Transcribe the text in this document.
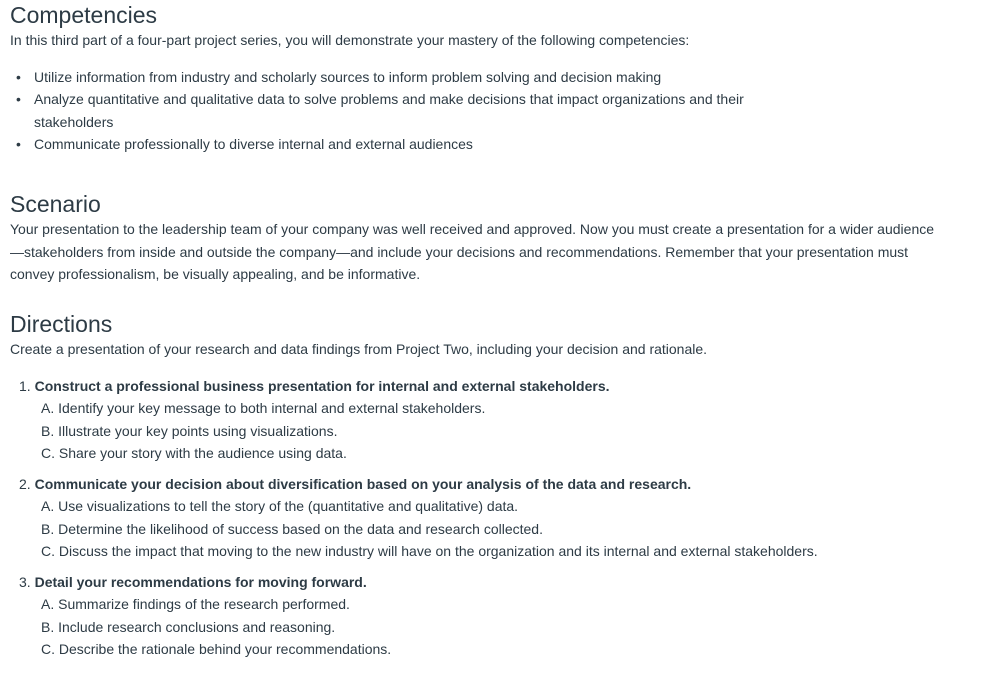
Competencies

In this third part of a four-part project series, you will demonstrate your mastery of the following competencies:

• Utilize information from industry and scholarly sources to inform problem solving and decision making
• Analyze quantitative and qualitative data to solve problems and make decisions that impact organizations and their stakeholders
• Communicate professionally to diverse internal and external audiences
Scenario

Your presentation to the leadership team of your company was well received and approved. Now you must create a presentation for a wider audience—stakeholders from inside and outside the company—and include your decisions and recommendations. Remember that your presentation must convey professionalism, be visually appealing, and be informative.

Directions

Create a presentation of your research and data findings from Project Two, including your decision and rationale.

1. Construct a professional business presentation for internal and external stakeholders.
A. Identify your key message to both internal and external stakeholders.
B. Illustrate your key points using visualizations.
C. Share your story with the audience using data.
2. Communicate your decision about diversification based on your analysis of the data and research.
A. Use visualizations to tell the story of the (quantitative and qualitative) data.
B. Determine the likelihood of success based on the data and research collected.
C. Discuss the impact that moving to the new industry will have on the organization and its internal and external stakeholders.
3. Detail your recommendations for moving forward.
A. Summarize findings of the research performed.
B. Include research conclusions and reasoning.
C. Describe the rationale behind your recommendations.
